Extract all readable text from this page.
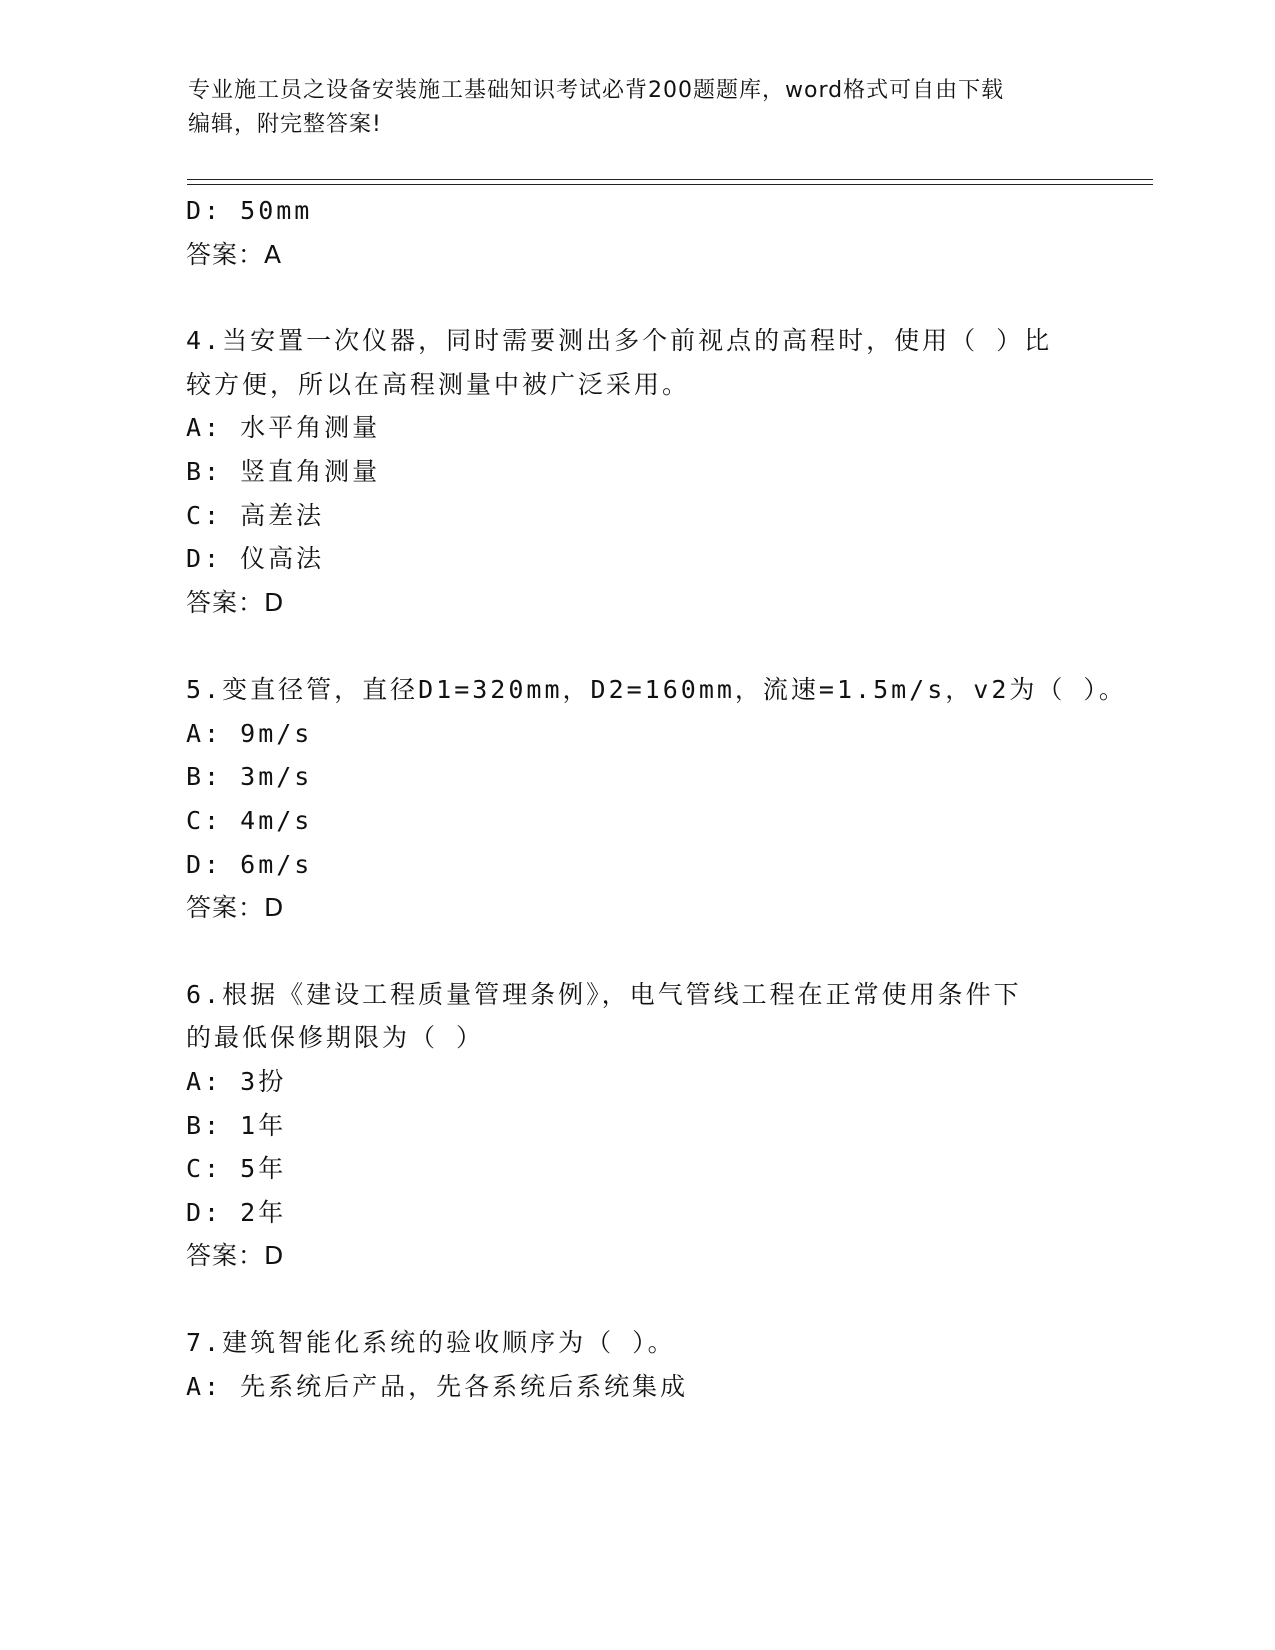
专业施工员之设备安装施工基础知识考试必背200题题库，word格式可自由下载
编辑，附完整答案!
D: 50mm
答案：A
4.当安置一次仪器，同时需要测出多个前视点的高程时，使用（ ）比
较方便，所以在高程测量中被广泛采用。
A: 水平角测量
B: 竖直角测量
C: 高差法
D: 仪高法
答案：D
5.变直径管，直径D1=320mm，D2=160mm，流速=1.5m/s，v2为（ ）。
A: 9m/s
B: 3m/s
C: 4m/s
D: 6m/s
答案：D
6.根据《建设工程质量管理条例》，电气管线工程在正常使用条件下
的最低保修期限为（ ）
A: 3扮
B: 1年
C: 5年
D: 2年
答案：D
7.建筑智能化系统的验收顺序为（ ）。
A: 先系统后产品，先各系统后系统集成
